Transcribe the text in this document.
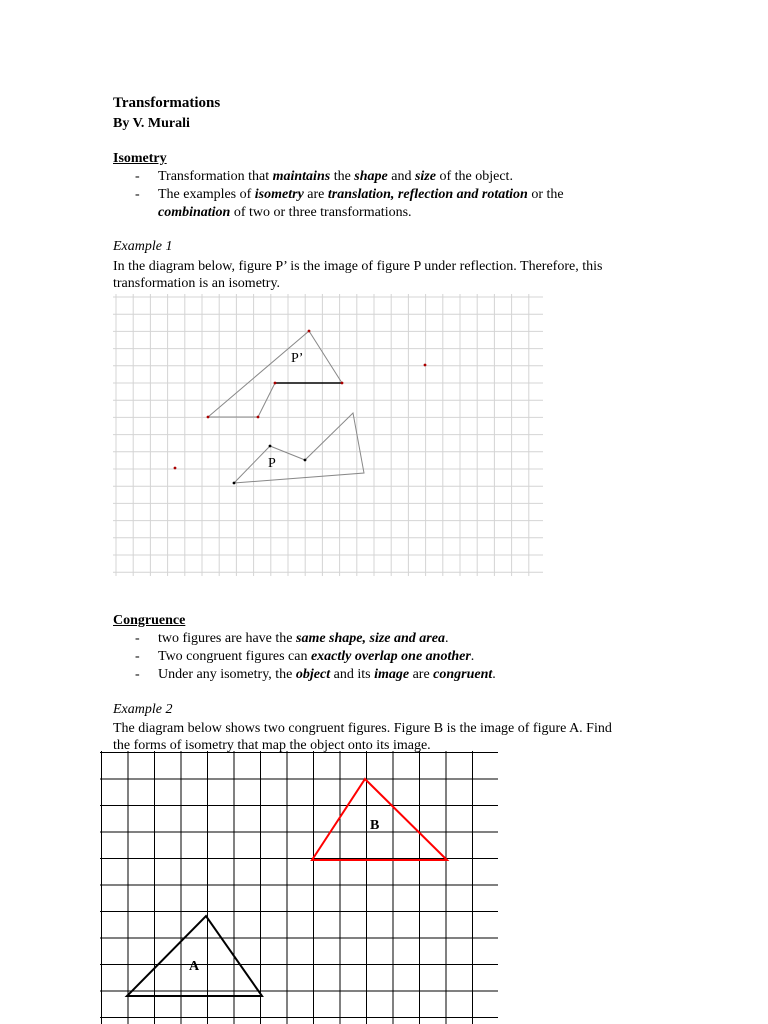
Transformations
By V. Murali
Isometry
- Transformation that maintains the shape and size of the object.
- The examples of isometry are translation, reflection and rotation or the
combination of two or three transformations.
Example 1
In the diagram below, figure P’ is the image of figure P under reflection. Therefore, this
transformation is an isometry.
P’
P
Congruence
- two figures are have the same shape, size and area.
- Two congruent figures can exactly overlap one another.
- Under any isometry, the object and its image are congruent.
Example 2
The diagram below shows two congruent figures. Figure B is the image of figure A. Find
the forms of isometry that map the object onto its image.
B
A
